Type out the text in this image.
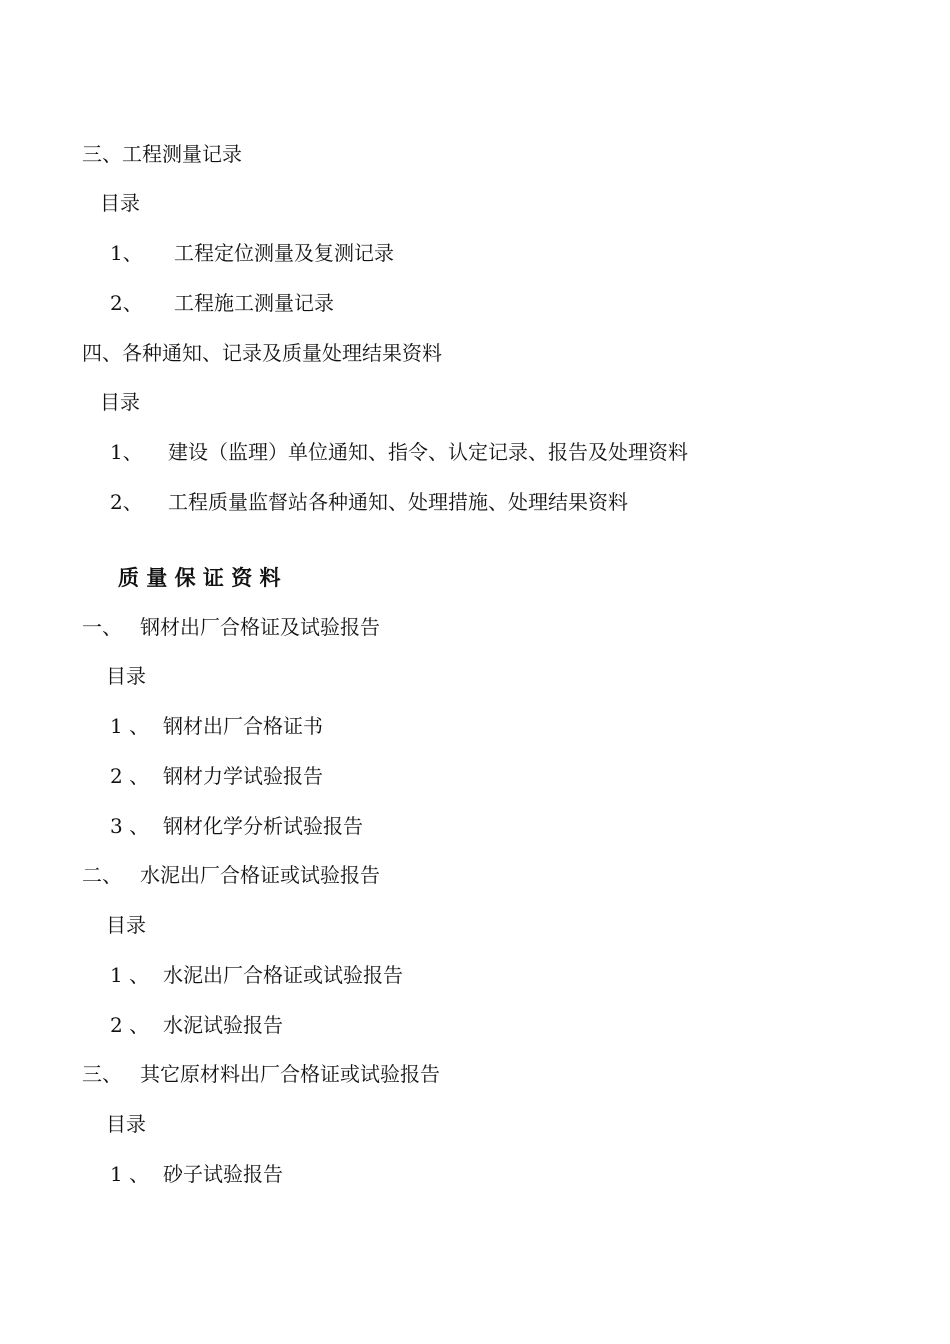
三、工程测量记录

目录

1、

工程定位测量及复测记录

2、

工程施工测量记录

四、各种通知、记录及质量处理结果资料

目录

1、

建设（监理）单位通知、指令、认定记录、报告及处理资料

2、

工程质量监督站各种通知、处理措施、处理结果资料

质 量 保 证 资 料

一、

钢材出厂合格证及试验报告

目录

1 、

钢材出厂合格证书

2 、

钢材力学试验报告

3 、

钢材化学分析试验报告

二、

水泥出厂合格证或试验报告

目录

1 、

水泥出厂合格证或试验报告

2 、

水泥试验报告

三、

其它原材料出厂合格证或试验报告

目录

1 、

砂子试验报告
